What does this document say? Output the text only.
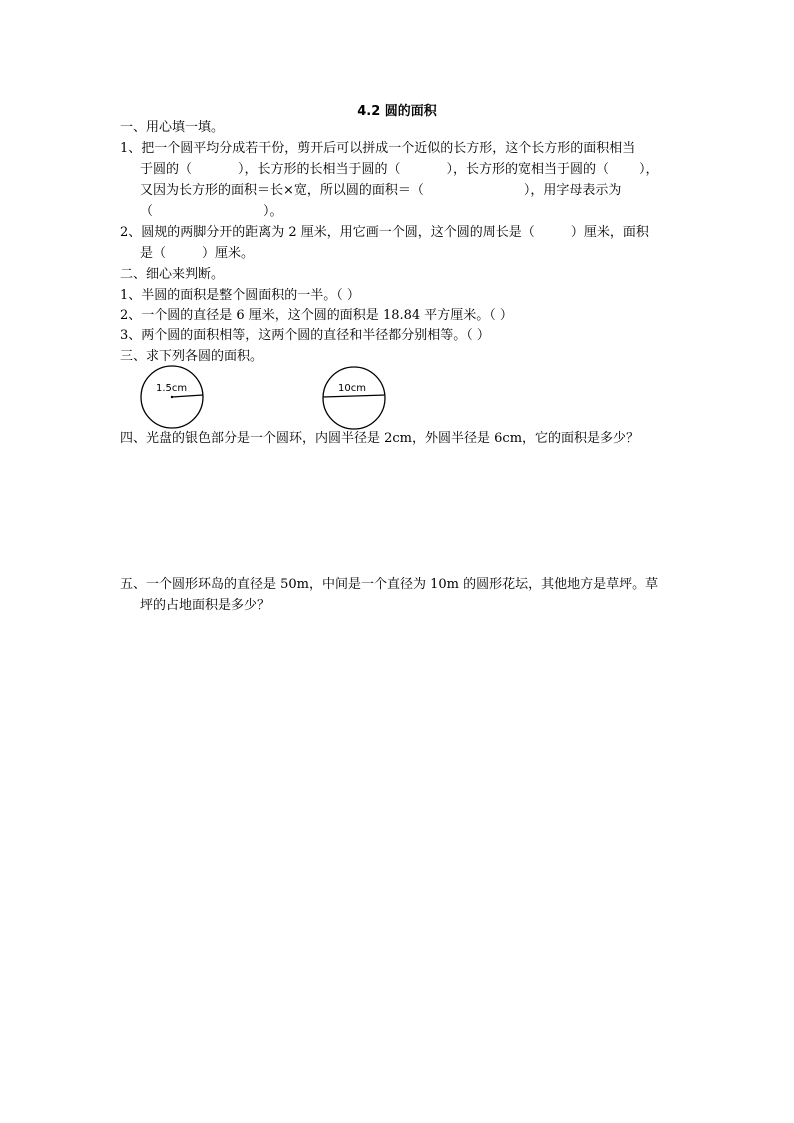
4.2 圆的面积
一、用心填一填。
1、把一个圆平均分成若干份，剪开后可以拼成一个近似的长方形，这个长方形的面积相当
于圆的（	），长方形的长相当于圆的（	），长方形的宽相当于圆的（ ），
又因为长方形的面积＝长×宽，所以圆的面积＝（	），用字母表示为
（	）。
2、圆规的两脚分开的距离为 2 厘米，用它画一个圆，这个圆的周长是（	）厘米，面积
是（	）厘米。
二、细心来判断。
1、半圆的面积是整个圆面积的一半。（ ）
2、一个圆的直径是 6 厘米，这个圆的面积是 18.84 平方厘米。（ ）
3、两个圆的面积相等，这两个圆的直径和半径都分别相等。（ ）
三、求下列各圆的面积。
1.5cm	10cm
四、光盘的银色部分是一个圆环，内圆半径是 2cm，外圆半径是 6cm，它的面积是多少？
五、一个圆形环岛的直径是 50m，中间是一个直径为 10m 的圆形花坛，其他地方是草坪。草
坪的占地面积是多少？
